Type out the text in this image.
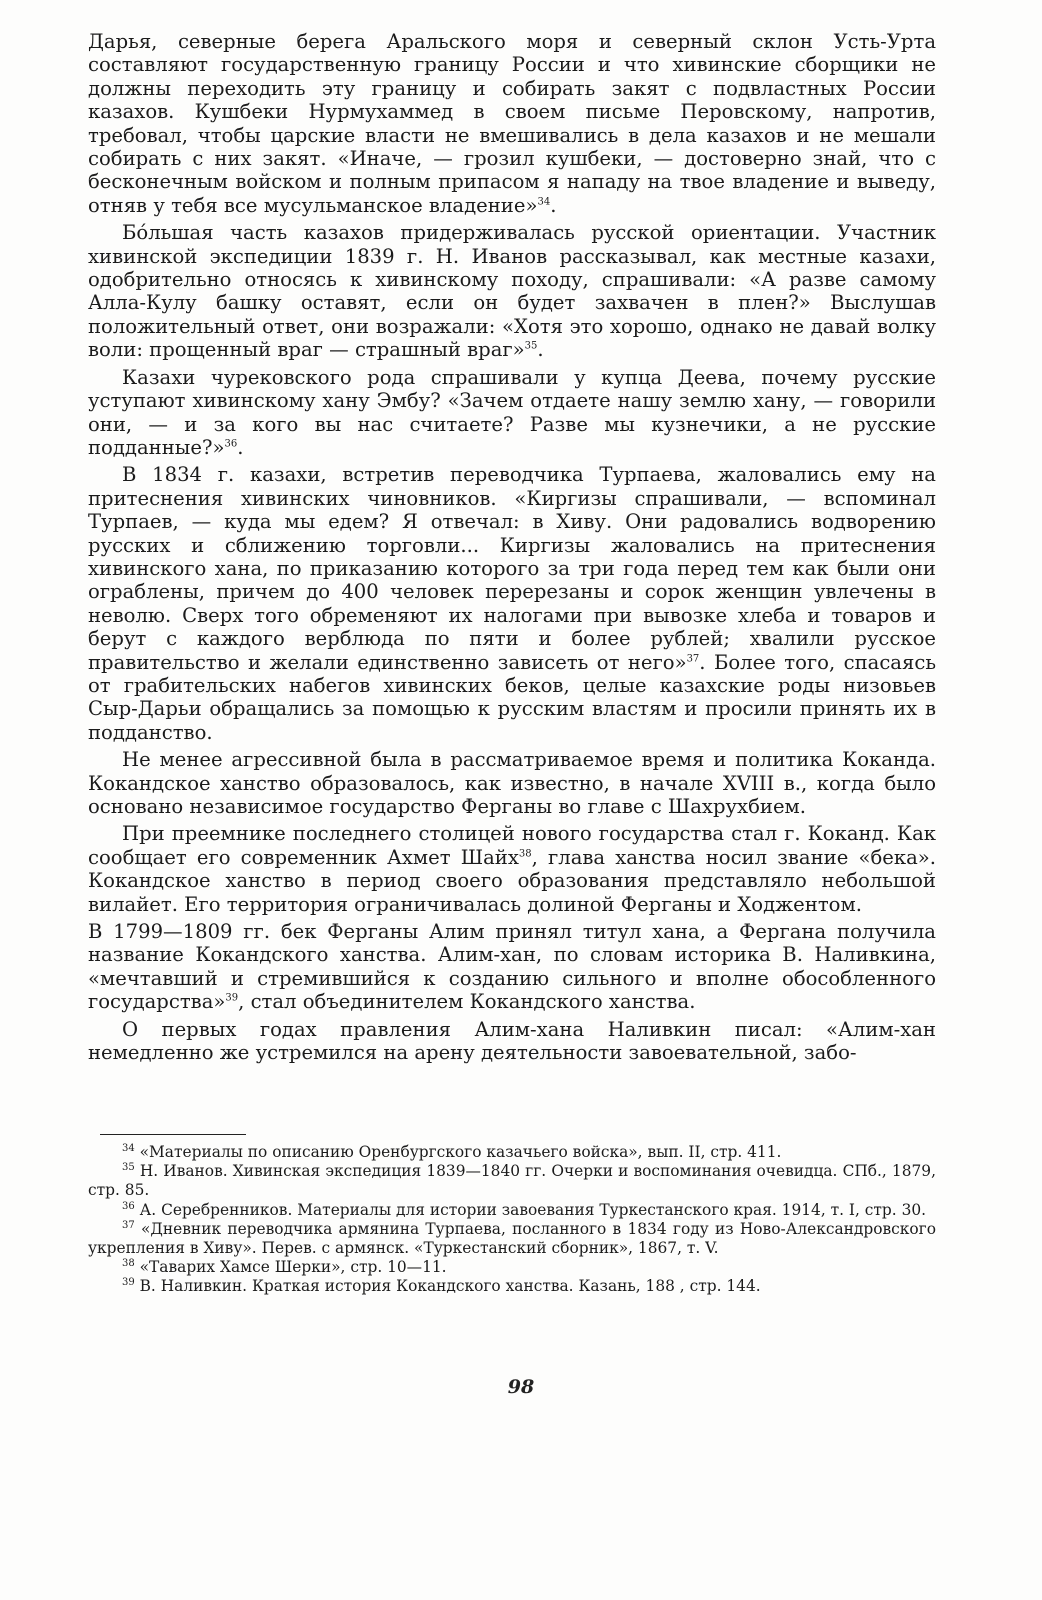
Дарья, северные берега Аральского моря и северный склон Усть-Урта составляют государственную границу России и что хивинские сборщики не должны переходить эту границу и собирать закят с подвластных России казахов. Кушбеки Нурмухаммед в своем письме Перовскому, напротив, требовал, чтобы царские власти не вмешивались в дела казахов и не мешали собирать с них закят. «Иначе, — грозил кушбеки, — достоверно знай, что с бесконечным войском и полным припасом я нападу на твое владение и выведу, отняв у тебя все мусульманское владение»$^{34}$.

Бо́льшая часть казахов придерживалась русской ориентации. Участник хивинской экспедиции 1839 г. Н. Иванов рассказывал, как местные казахи, одобрительно относясь к хивинскому походу, спрашивали: «А разве самому Алла-Кулу башку оставят, если он будет захвачен в плен?» Выслушав положительный ответ, они возражали: «Хотя это хорошо, однако не давай волку воли: прощенный враг — страшный враг»$^{35}$.

Казахи чурековского рода спрашивали у купца Деева, почему русские уступают хивинскому хану Эмбу? «Зачем отдаете нашу землю хану, — говорили они, — и за кого вы нас считаете? Разве мы кузнечики, а не русские подданные?»$^{36}$.

В 1834 г. казахи, встретив переводчика Турпаева, жаловались ему на притеснения хивинских чиновников. «Киргизы спрашивали, — вспоминал Турпаев, — куда мы едем? Я отвечал: в Хиву. Они радовались водворению русских и сближению торговли... Киргизы жаловались на притеснения хивинского хана, по приказанию которого за три года перед тем как были они ограблены, причем до 400 человек перерезаны и сорок женщин увлечены в неволю. Сверх того обременяют их налогами при вывозке хлеба и товаров и берут с каждого верблюда по пяти и более рублей; хвалили русское правительство и желали единственно зависеть от него»$^{37}$. Более того, спасаясь от грабительских набегов хивинских беков, целые казахские роды низовьев Сыр-Дарьи обращались за помощью к русским властям и просили принять их в подданство.

Не менее агрессивной была в рассматриваемое время и политика Коканда. Кокандское ханство образовалось, как известно, в начале XVIII в., когда было основано независимое государство Ферганы во главе с Шахрухбием.

При преемнике последнего столицей нового государства стал г. Коканд. Как сообщает его современник Ахмет Шайх$^{38}$, глава ханства носил звание «бека». Кокандское ханство в период своего образования представляло небольшой вилайет. Его территория ограничивалась долиной Ферганы и Ходжентом.

В 1799—1809 гг. бек Ферганы Алим принял титул хана, а Фергана получила название Кокандского ханства. Алим-хан, по словам историка В. Наливкина, «мечтавший и стремившийся к созданию сильного и вполне обособленного государства»$^{39}$, стал объединителем Кокандского ханства.

О первых годах правления Алим-хана Наливкин писал: «Алим-хан немедленно же устремился на арену деятельности завоевательной, забо-

$^{34}$ «Материалы по описанию Оренбургского казачьего войска», вып. II, стр. 411.

$^{35}$ Н. Иванов. Хивинская экспедиция 1839—1840 гг. Очерки и воспоминания очевидца. СПб., 1879, стр. 85.

$^{36}$ А. Серебренников. Материалы для истории завоевания Туркестанского края. 1914, т. I, стр. 30.

$^{37}$ «Дневник переводчика армянина Турпаева, посланного в 1834 году из Ново-Александровского укрепления в Хиву». Перев. с армянск. «Туркестанский сборник», 1867, т. V.

$^{38}$ «Таварих Хамсе Шерки», стр. 10—11.

$^{39}$ В. Наливкин. Краткая история Кокандского ханства. Казань, 188 , стр. 144.

98
